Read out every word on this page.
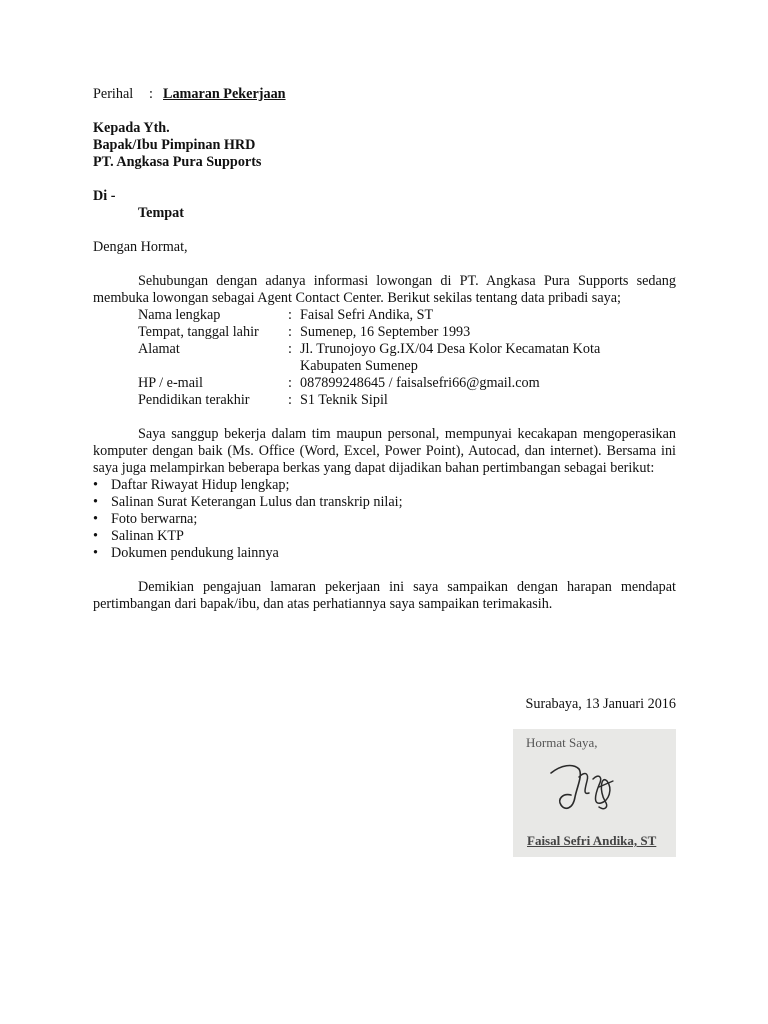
Perihal : Lamaran Pekerjaan
Kepada Yth.
Bapak/Ibu Pimpinan HRD
PT. Angkasa Pura Supports
Di -
Tempat
Dengan Hormat,
Sehubungan dengan adanya informasi lowongan di PT. Angkasa Pura Supports sedang membuka lowongan sebagai Agent Contact Center. Berikut sekilas tentang data pribadi saya;
Nama lengkap	: Faisal Sefri Andika, ST
Tempat, tanggal lahir	: Sumenep, 16 September 1993
Alamat	: Jl. Trunojoyo Gg.IX/04 Desa Kolor Kecamatan Kota
Kabupaten Sumenep
HP / e-mail	: 087899248645 / faisalsefri66@gmail.com
Pendidikan terakhir	: S1 Teknik Sipil
Saya sanggup bekerja dalam tim maupun personal, mempunyai kecakapan mengoperasikan komputer dengan baik (Ms. Office (Word, Excel, Power Point), Autocad, dan internet). Bersama ini saya juga melampirkan beberapa berkas yang dapat dijadikan bahan pertimbangan sebagai berikut:
• Daftar Riwayat Hidup lengkap;
• Salinan Surat Keterangan Lulus dan transkrip nilai;
• Foto berwarna;
• Salinan KTP
• Dokumen pendukung lainnya
Demikian pengajuan lamaran pekerjaan ini saya sampaikan dengan harapan mendapat pertimbangan dari bapak/ibu, dan atas perhatiannya saya sampaikan terimakasih.
Surabaya, 13 Januari 2016
Hormat Saya,
Faisal Sefri Andika, ST
